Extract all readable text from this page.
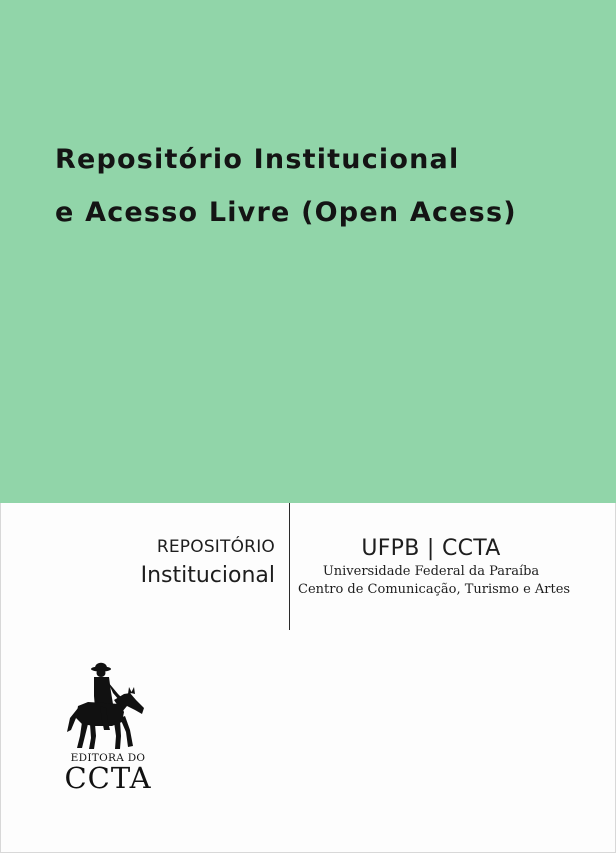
Repositório Institucional
e Acesso Livre (Open Acess)
REPOSITÓRIO
Institucional
UFPB | CCTA
Universidade Federal da Paraíba
Centro de Comunicação, Turismo e Artes
EDITORA DO
CCTA
